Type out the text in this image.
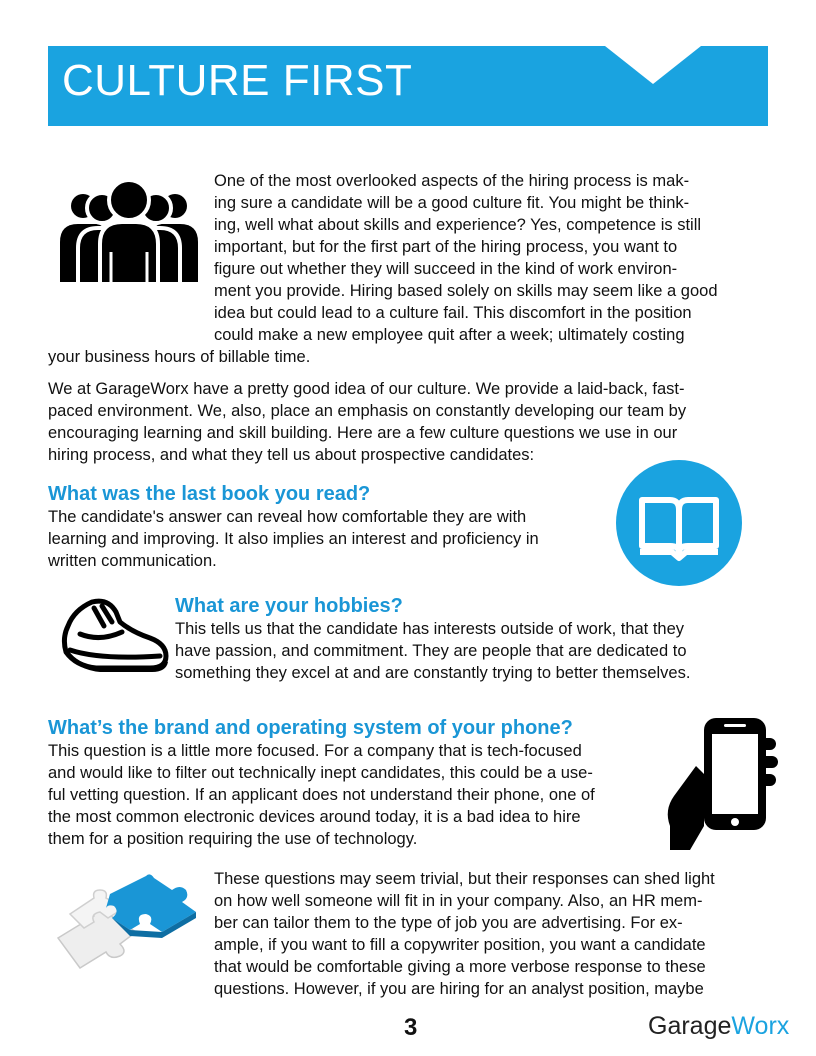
CULTURE FIRST

One of the most overlooked aspects of the hiring process is mak-

ing sure a candidate will be a good culture fit. You might be think-

ing, well what about skills and experience? Yes, competence is still

important, but for the first part of the hiring process, you want to

figure out whether they will succeed in the kind of work environ-

ment you provide. Hiring based solely on skills may seem like a good

idea but could lead to a culture fail. This discomfort in the position

could make a new employee quit after a week; ultimately costing

your business hours of billable time.

We at GarageWorx have a pretty good idea of our culture. We provide a laid-back, fast-

paced environment. We, also, place an emphasis on constantly developing our team by

encouraging learning and skill building. Here are a few culture questions we use in our

hiring process, and what they tell us about prospective candidates:

What was the last book you read?

The candidate's answer can reveal how comfortable they are with

learning and improving. It also implies an interest and proficiency in

written communication.

What are your hobbies?

This tells us that the candidate has interests outside of work, that they

have passion, and commitment. They are people that are dedicated to

something they excel at and are constantly trying to better themselves.

What’s the brand and operating system of your phone?

This question is a little more focused. For a company that is tech-focused

and would like to filter out technically inept candidates, this could be a use-

ful vetting question. If an applicant does not understand their phone, one of

the most common electronic devices around today, it is a bad idea to hire

them for a position requiring the use of technology.

These questions may seem trivial, but their responses can shed light

on how well someone will fit in in your company. Also, an HR mem-

ber can tailor them to the type of job you are advertising. For ex-

ample, if you want to fill a copywriter position, you want a candidate

that would be comfortable giving a more verbose response to these

questions. However, if you are hiring for an analyst position, maybe

3	GarageWorx
